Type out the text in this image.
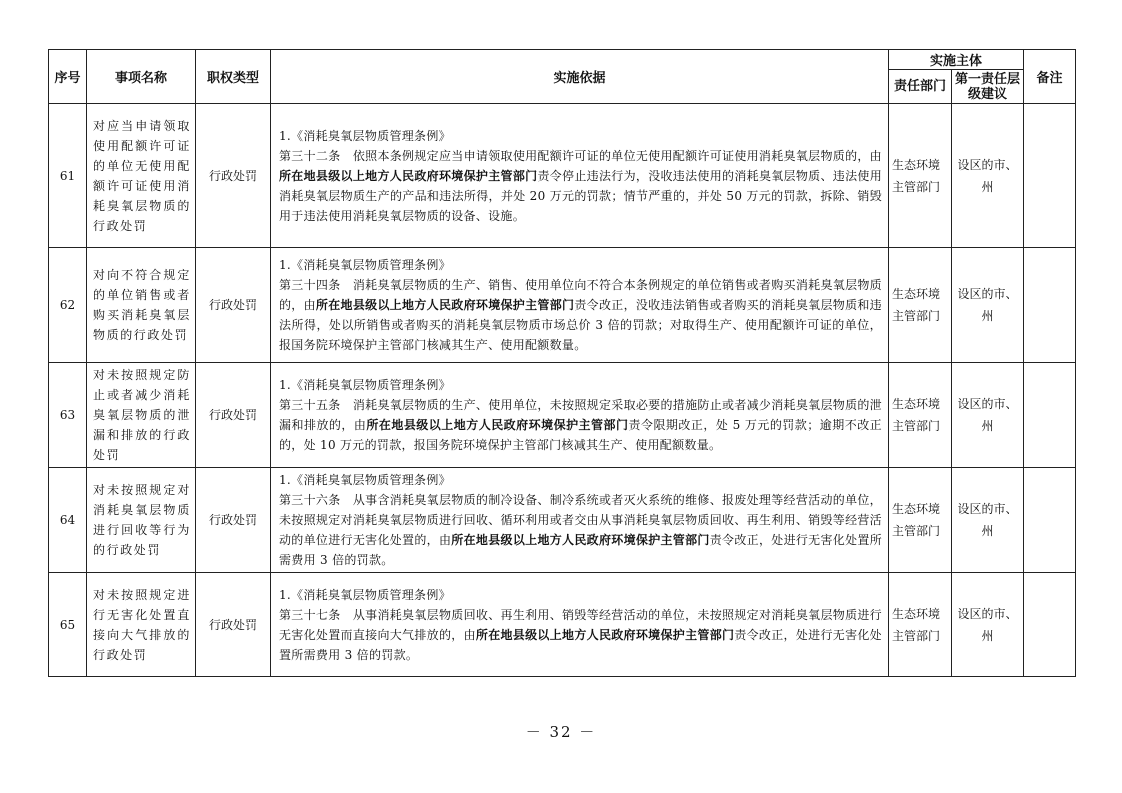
序号	事项名称	职权类型	实施依据	实施主体		备注
				责任部门	第一责任层级建议	
61	对应当申请领取使用配额许可证的单位无使用配额许可证使用消耗臭氧层物质的行政处罚	行政处罚	1.《消耗臭氧层物质管理条例》
第三十二条　依照本条例规定应当申请领取使用配额许可证的单位无使用配额许可证使用消耗臭氧层物质的，由所在地县级以上地方人民政府环境保护主管部门责令停止违法行为，没收违法使用的消耗臭氧层物质、违法使用消耗臭氧层物质生产的产品和违法所得，并处 20 万元的罚款；情节严重的，并处 50 万元的罚款，拆除、销毁用于违法使用消耗臭氧层物质的设备、设施。	生态环境主管部门	设区的市、州	
62	对向不符合规定的单位销售或者购买消耗臭氧层物质的行政处罚	行政处罚	1.《消耗臭氧层物质管理条例》
第三十四条　消耗臭氧层物质的生产、销售、使用单位向不符合本条例规定的单位销售或者购买消耗臭氧层物质的，由所在地县级以上地方人民政府环境保护主管部门责令改正，没收违法销售或者购买的消耗臭氧层物质和违法所得，处以所销售或者购买的消耗臭氧层物质市场总价 3 倍的罚款；对取得生产、使用配额许可证的单位，报国务院环境保护主管部门核减其生产、使用配额数量。	生态环境主管部门	设区的市、州	
63	对未按照规定防止或者减少消耗臭氧层物质的泄漏和排放的行政处罚	行政处罚	1.《消耗臭氧层物质管理条例》
第三十五条　消耗臭氧层物质的生产、使用单位，未按照规定采取必要的措施防止或者减少消耗臭氧层物质的泄漏和排放的，由所在地县级以上地方人民政府环境保护主管部门责令限期改正，处 5 万元的罚款；逾期不改正的，处 10 万元的罚款，报国务院环境保护主管部门核减其生产、使用配额数量。	生态环境主管部门	设区的市、州	
64	对未按照规定对消耗臭氧层物质进行回收等行为的行政处罚	行政处罚	1.《消耗臭氧层物质管理条例》
第三十六条　从事含消耗臭氧层物质的制冷设备、制冷系统或者灭火系统的维修、报废处理等经营活动的单位，未按照规定对消耗臭氧层物质进行回收、循环利用或者交由从事消耗臭氧层物质回收、再生利用、销毁等经营活动的单位进行无害化处置的，由所在地县级以上地方人民政府环境保护主管部门责令改正，处进行无害化处置所需费用 3 倍的罚款。	生态环境主管部门	设区的市、州	
65	对未按照规定进行无害化处置直接向大气排放的行政处罚	行政处罚	1.《消耗臭氧层物质管理条例》
第三十七条　从事消耗臭氧层物质回收、再生利用、销毁等经营活动的单位，未按照规定对消耗臭氧层物质进行无害化处置而直接向大气排放的，由所在地县级以上地方人民政府环境保护主管部门责令改正，处进行无害化处置所需费用 3 倍的罚款。	生态环境主管部门	设区的市、州	
－ 32 －
